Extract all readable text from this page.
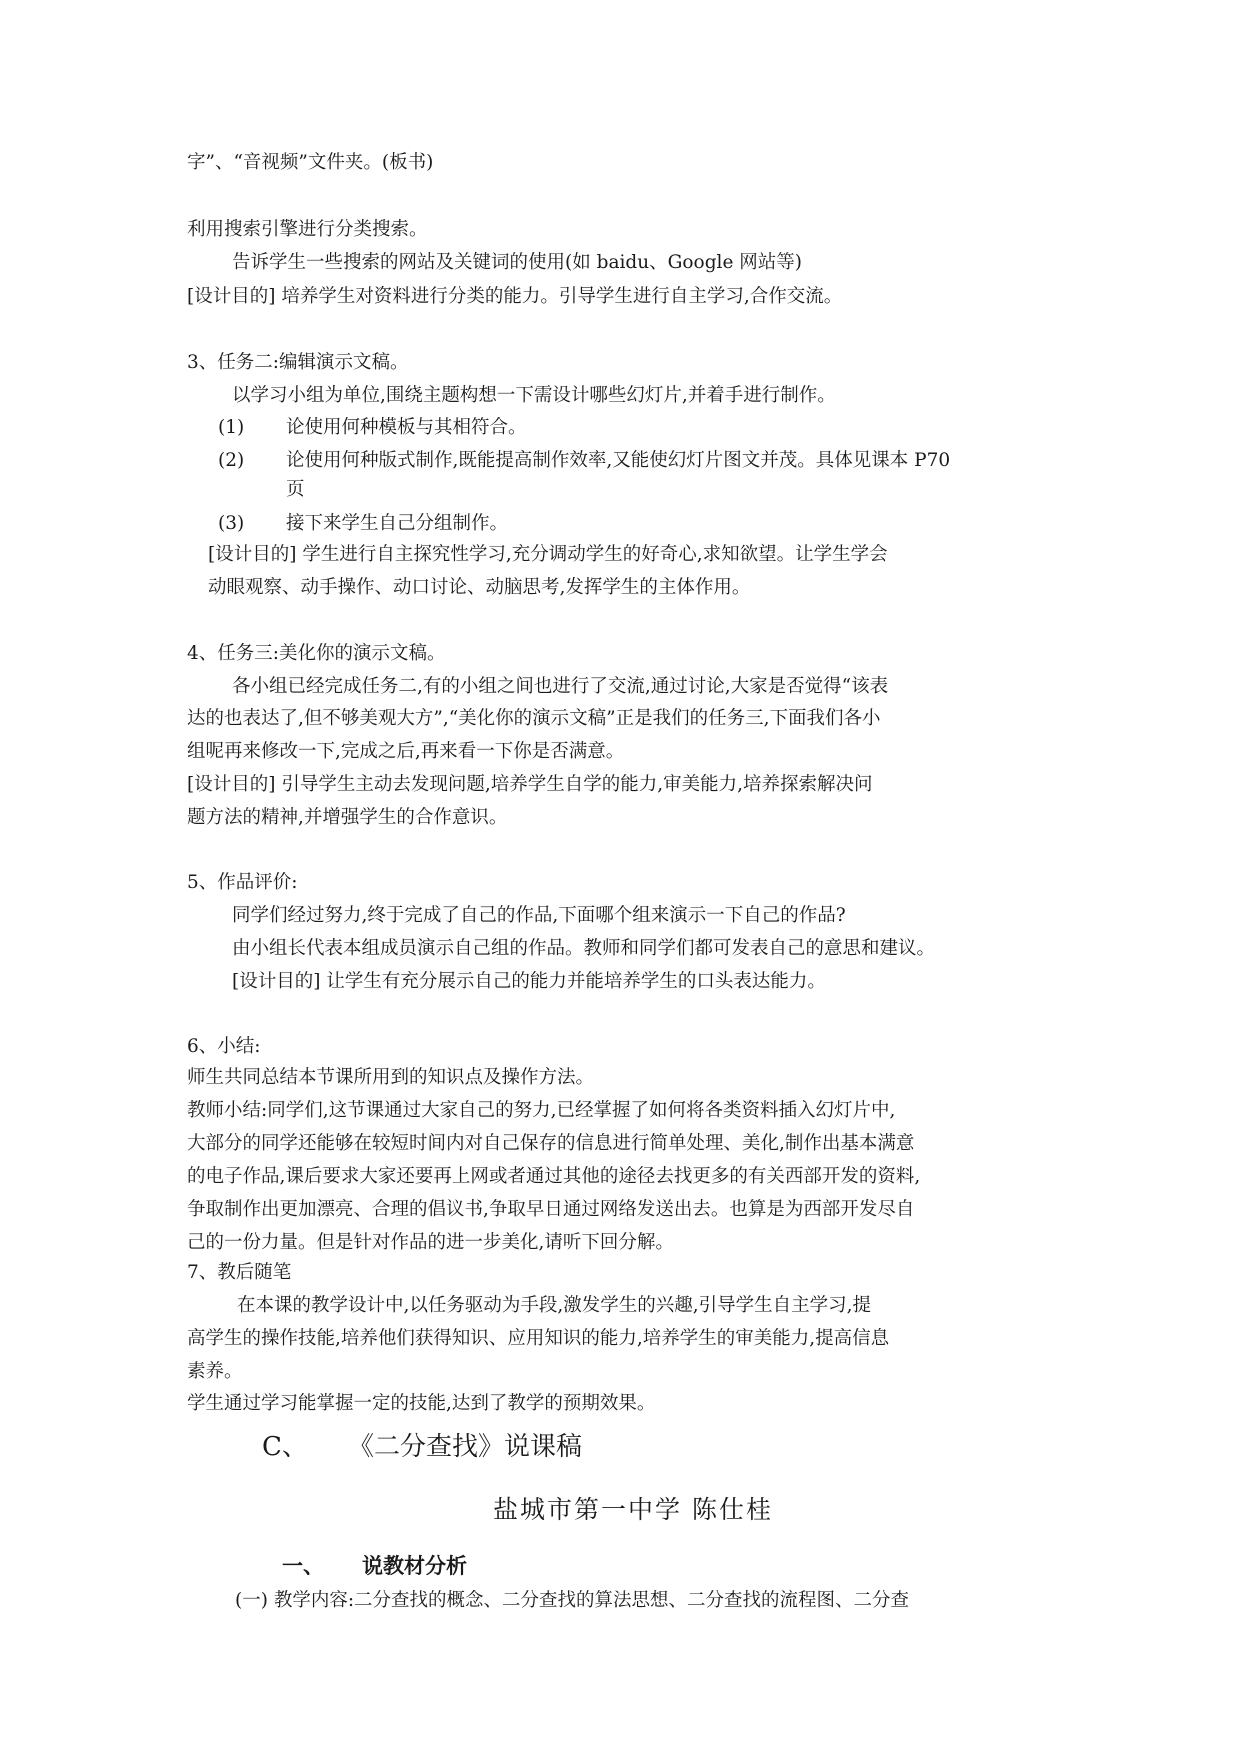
字”、“音视频”文件夹。(板书)
利用搜索引擎进行分类搜索。
告诉学生一些搜索的网站及关键词的使用(如 baidu、Google 网站等)
[设计目的] 培养学生对资料进行分类的能力。引导学生进行自主学习,合作交流。
3、任务二:编辑演示文稿。
以学习小组为单位,围绕主题构想一下需设计哪些幻灯片,并着手进行制作。
(1) 论使用何种模板与其相符合。
(2) 论使用何种版式制作,既能提高制作效率,又能使幻灯片图文并茂。具体见课本 P70
页
(3) 接下来学生自己分组制作。
[设计目的] 学生进行自主探究性学习,充分调动学生的好奇心,求知欲望。让学生学会
动眼观察、动手操作、动口讨论、动脑思考,发挥学生的主体作用。
4、任务三:美化你的演示文稿。
各小组已经完成任务二,有的小组之间也进行了交流,通过讨论,大家是否觉得“该表
达的也表达了,但不够美观大方”,“美化你的演示文稿”正是我们的任务三,下面我们各小
组呢再来修改一下,完成之后,再来看一下你是否满意。
[设计目的] 引导学生主动去发现问题,培养学生自学的能力,审美能力,培养探索解决问
题方法的精神,并增强学生的合作意识。
5、作品评价:
同学们经过努力,终于完成了自己的作品,下面哪个组来演示一下自己的作品?
由小组长代表本组成员演示自己组的作品。教师和同学们都可发表自己的意思和建议。
[设计目的] 让学生有充分展示自己的能力并能培养学生的口头表达能力。
6、小结:
师生共同总结本节课所用到的知识点及操作方法。
教师小结:同学们,这节课通过大家自己的努力,已经掌握了如何将各类资料插入幻灯片中,
大部分的同学还能够在较短时间内对自己保存的信息进行简单处理、美化,制作出基本满意
的电子作品,课后要求大家还要再上网或者通过其他的途径去找更多的有关西部开发的资料,
争取制作出更加漂亮、合理的倡议书,争取早日通过网络发送出去。也算是为西部开发尽自
己的一份力量。但是针对作品的进一步美化,请听下回分解。
7、教后随笔
在本课的教学设计中,以任务驱动为手段,激发学生的兴趣,引导学生自主学习,提
高学生的操作技能,培养他们获得知识、应用知识的能力,培养学生的审美能力,提高信息
素养。
学生通过学习能掌握一定的技能,达到了教学的预期效果。
C、 《二分查找》说课稿
盐城市第一中学 陈仕桂
一、 说教材分析
(一) 教学内容:二分查找的概念、二分查找的算法思想、二分查找的流程图、二分查
